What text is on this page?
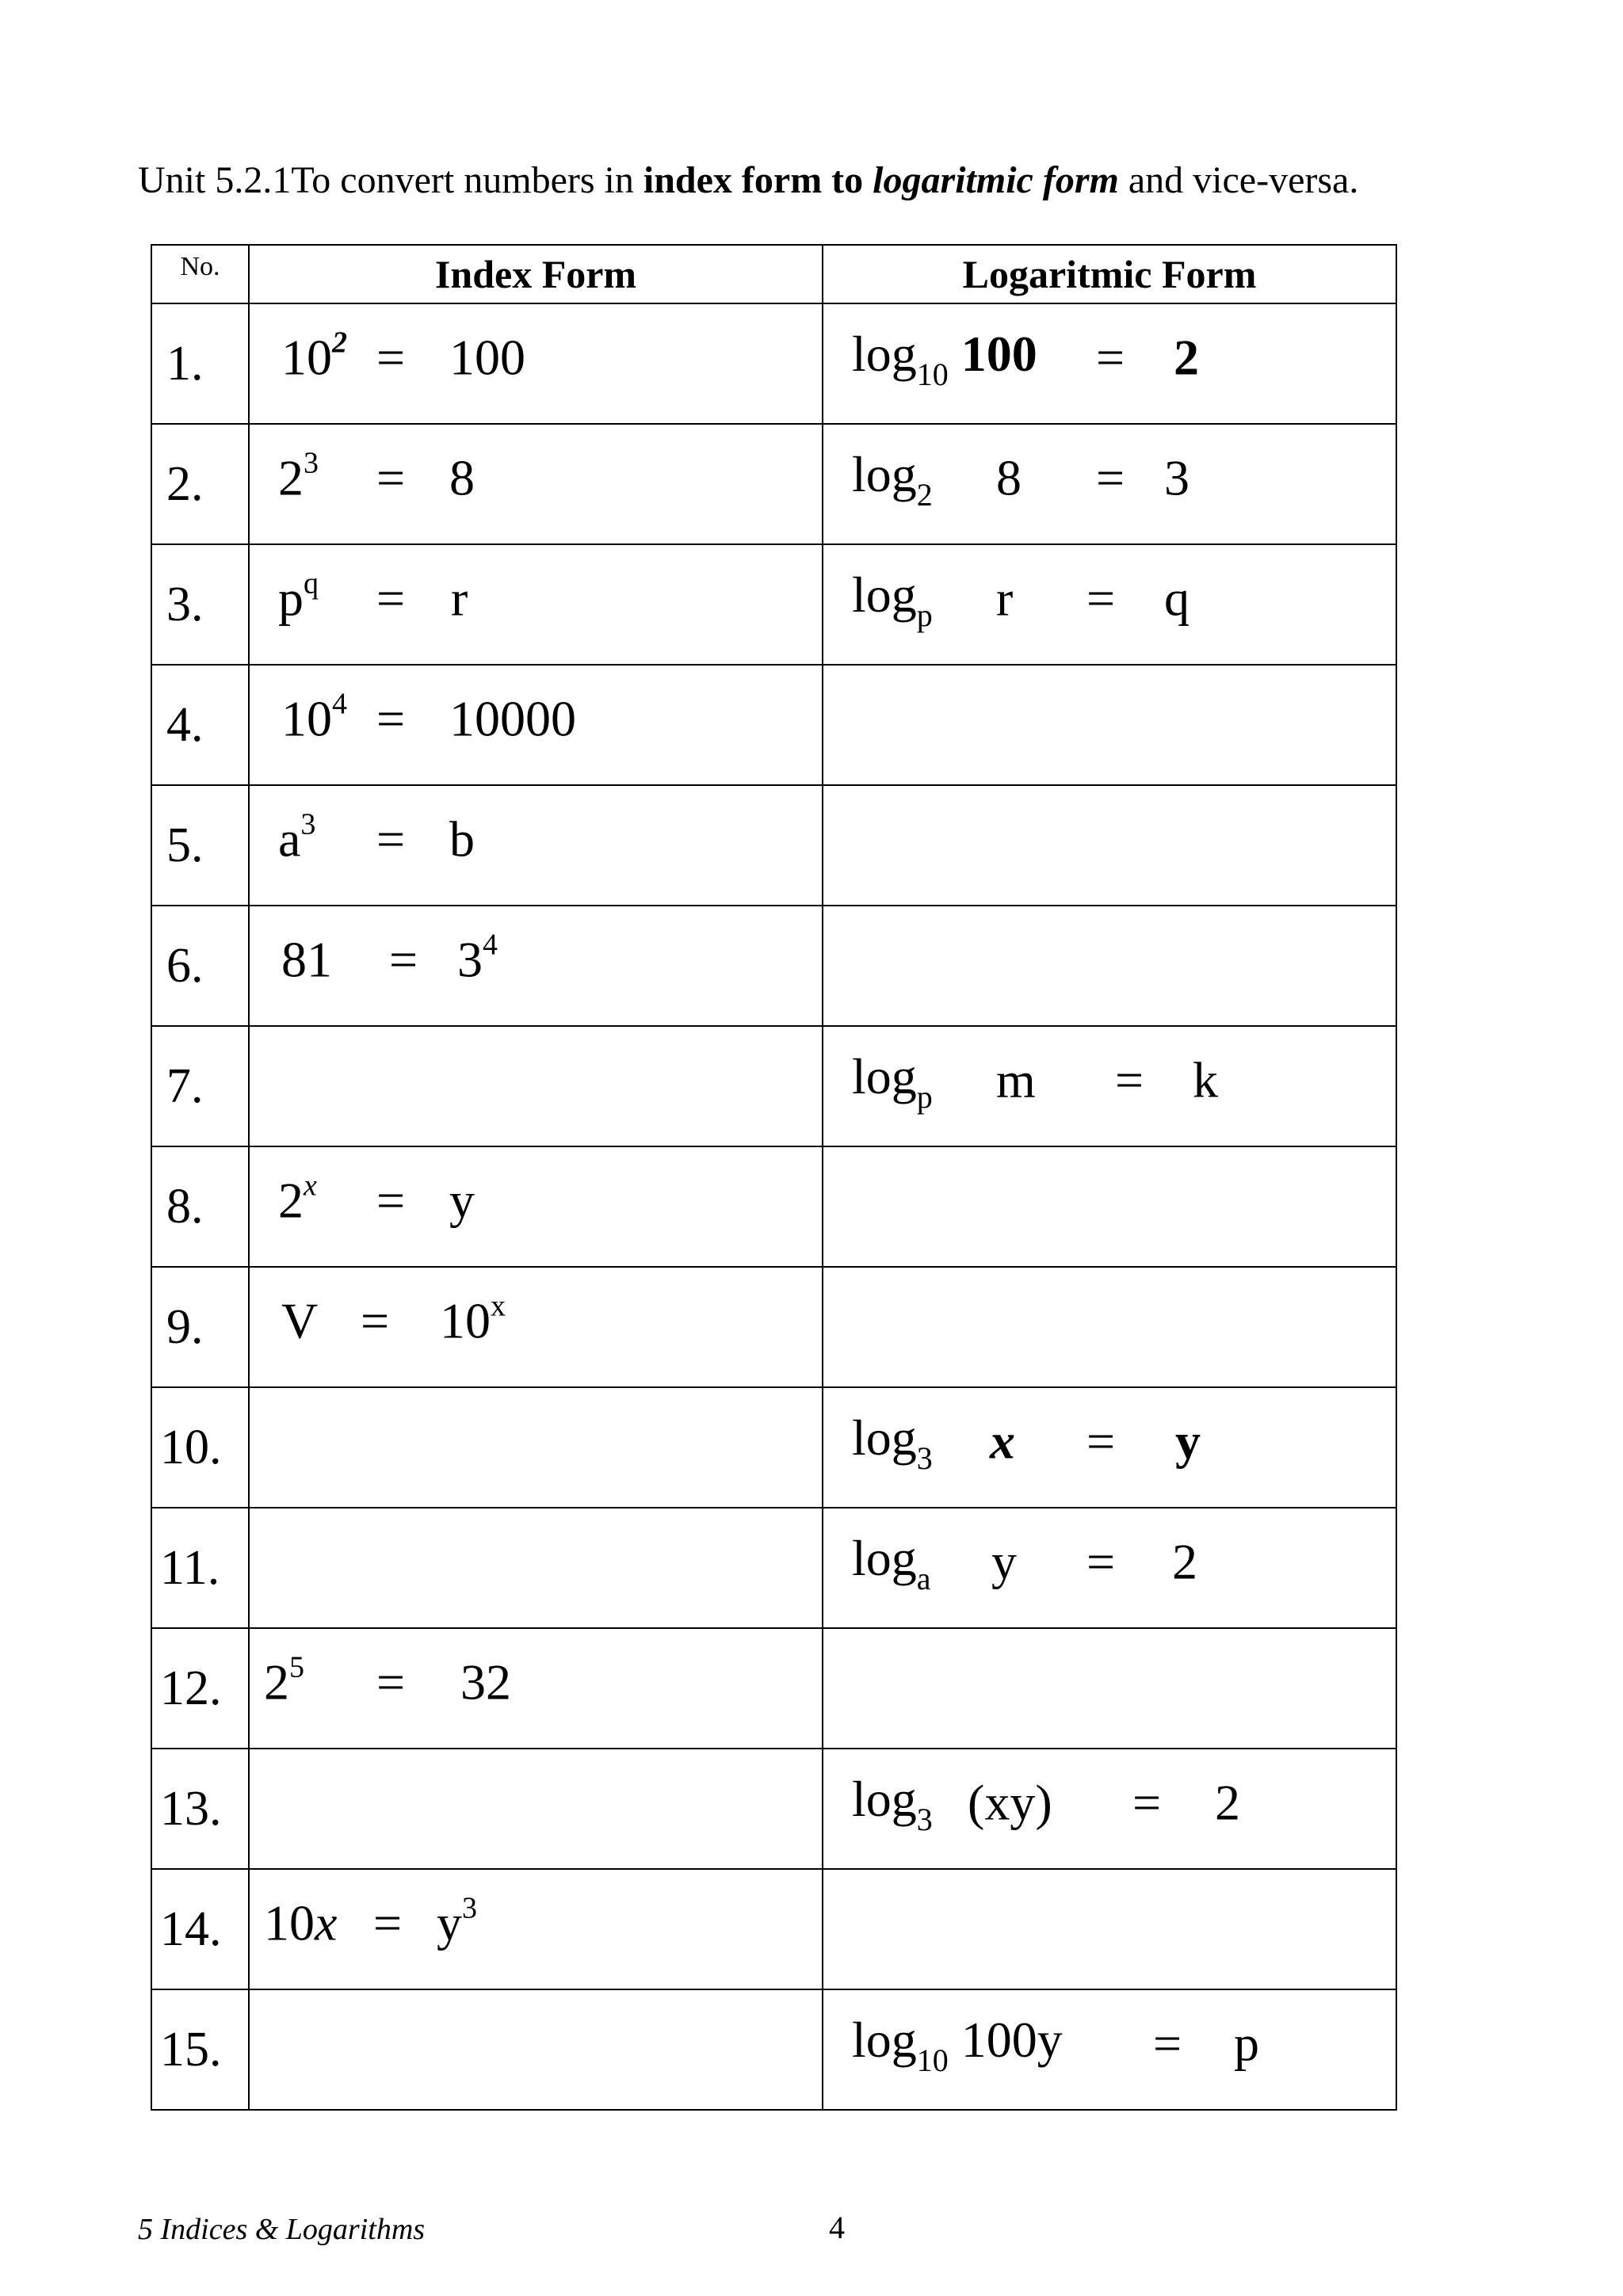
Unit 5.2.1To convert numbers in index form to logaritmic form and vice-versa.
No.	Index Form	Logaritmic Form
1.	$10^2 = 100$	$\log_{10} 100 = 2$

2.	$2^3 = 8$	$\log_2 8 = 3$

3.	$p^q = r$	$\log_p r = q$

4.	$10^4 = 10000$	

5.	$a^3 = b$	

6.	$81 = 3^4$

7.		$\log_p m = k$

8.	$2^x = y$	

9.	$V = 10^x$

10.		$\log_3 x = y$

11.		$\log_a y = 2$

12.	$2^5 = 32$	

13.		$\log_3 (xy) = 2$

14.	$10x = y^3$

15.		$\log_{10} 100y = p$
5 Indices & Logarithms	4
